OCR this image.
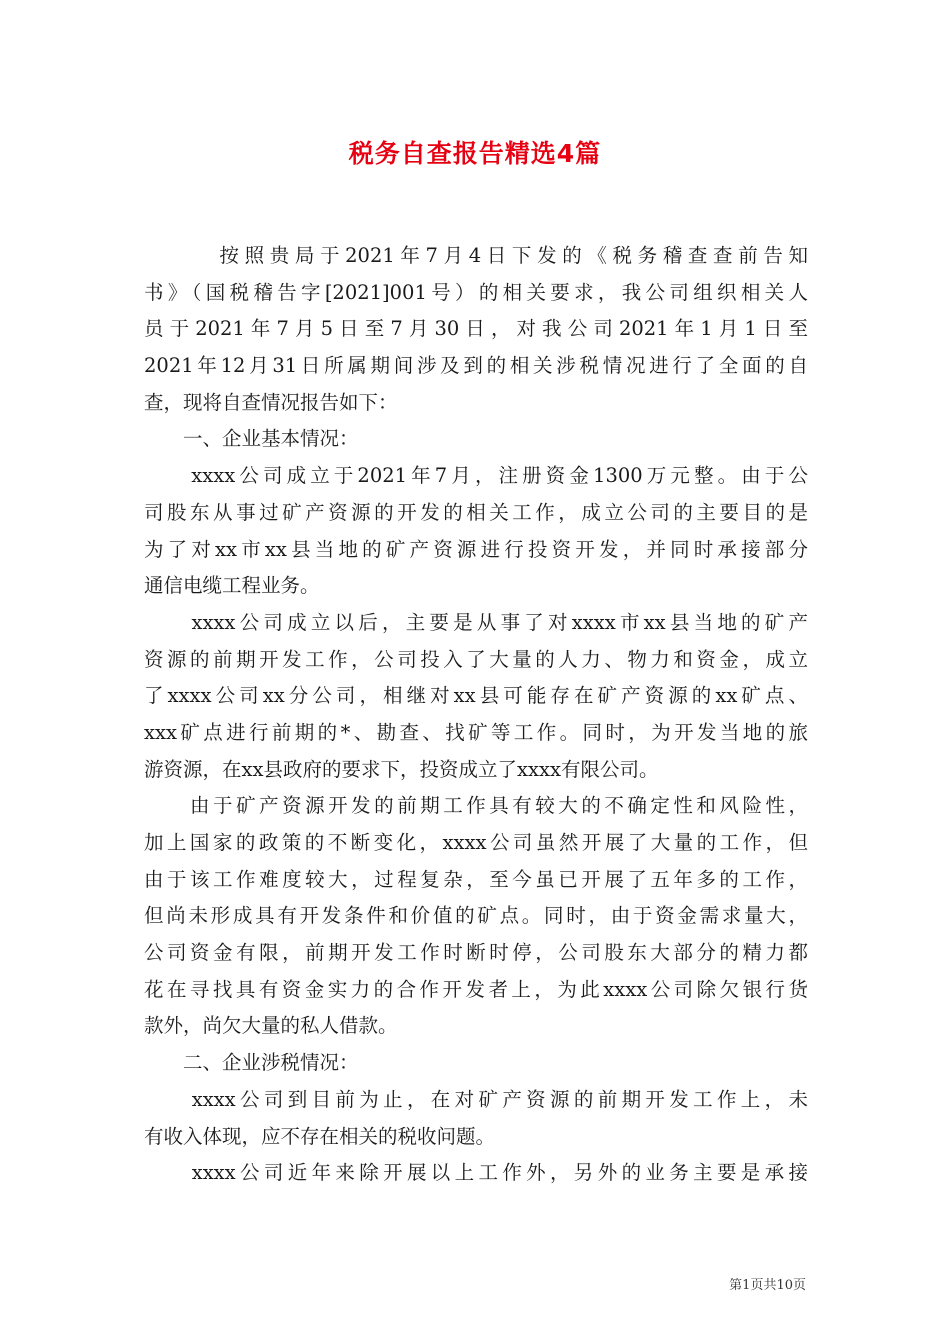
税务自查报告精选4篇
　　　按照贵局于2021年7月4日下发的《税务稽查查前告知
书》（国税稽告字[2021]001号）的相关要求，我公司组织相关人
员于2021年7月5日至7月30日，对我公司2021年1月1日至
2021年12月31日所属期间涉及到的相关涉税情况进行了全面的自
查，现将自查情况报告如下：
　　一、企业基本情况：
　　xxxx公司成立于2021年7月，注册资金1300万元整。由于公
司股东从事过矿产资源的开发的相关工作，成立公司的主要目的是
为了对xx市xx县当地的矿产资源进行投资开发，并同时承接部分
通信电缆工程业务。
　　xxxx公司成立以后，主要是从事了对xxxx市xx县当地的矿产
资源的前期开发工作，公司投入了大量的人力、物力和资金，成立
了xxxx公司xx分公司，相继对xx县可能存在矿产资源的xx矿点、
xxx矿点进行前期的*、勘查、找矿等工作。同时，为开发当地的旅
游资源，在xx县政府的要求下，投资成立了xxxx有限公司。
　　由于矿产资源开发的前期工作具有较大的不确定性和风险性，
加上国家的政策的不断变化，xxxx公司虽然开展了大量的工作，但
由于该工作难度较大，过程复杂，至今虽已开展了五年多的工作，
但尚未形成具有开发条件和价值的矿点。同时，由于资金需求量大，
公司资金有限，前期开发工作时断时停，公司股东大部分的精力都
花在寻找具有资金实力的合作开发者上，为此xxxx公司除欠银行货
款外，尚欠大量的私人借款。
　　二、企业涉税情况：
　　xxxx公司到目前为止，在对矿产资源的前期开发工作上，未
有收入体现，应不存在相关的税收问题。
　　xxxx公司近年来除开展以上工作外，另外的业务主要是承接
第1页共10页
